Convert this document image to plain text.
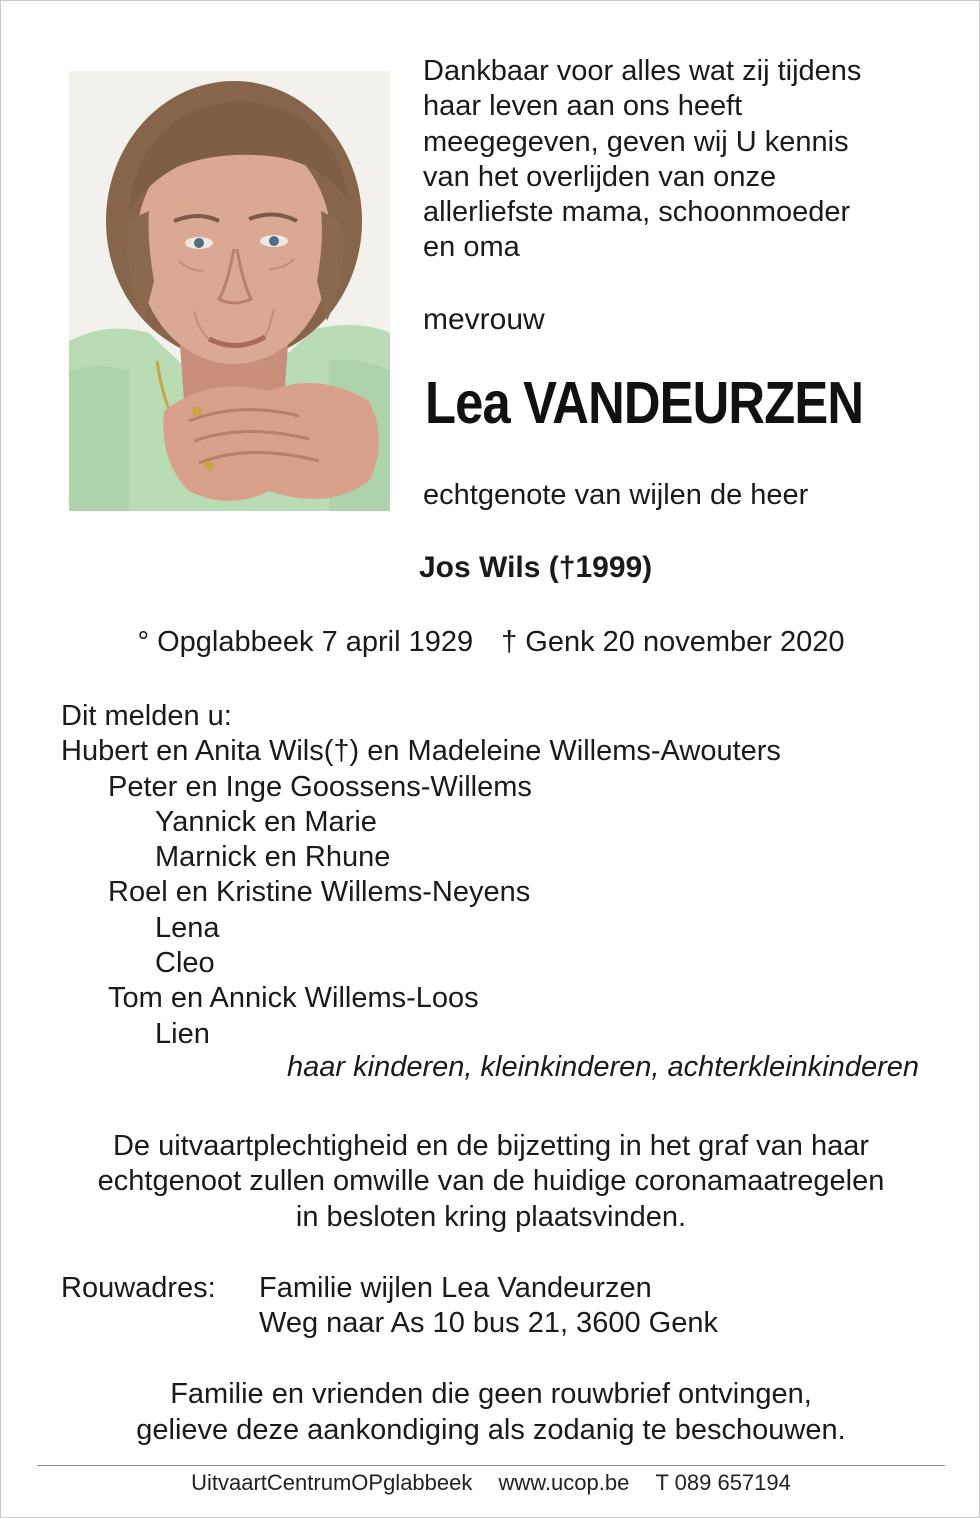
Dankbaar voor alles wat zij tijdens
haar leven aan ons heeft
meegegeven, geven wij U kennis
van het overlijden van onze
allerliefste mama, schoonmoeder
en oma

mevrouw

Lea VANDEURZEN

echtgenote van wijlen de heer

Jos Wils (†1999)

° Opglabbeek 7 april 1929 † Genk 20 november 2020

Dit melden u:
Hubert en Anita Wils(†) en Madeleine Willems-Awouters
Peter en Inge Goossens-Willems
Yannick en Marie
Marnick en Rhune
Roel en Kristine Willems-Neyens
Lena
Cleo
Tom en Annick Willems-Loos
Lien

haar kinderen, kleinkinderen, achterkleinkinderen

De uitvaartplechtigheid en de bijzetting in het graf van haar
echtgenoot zullen omwille van de huidige coronamaatregelen
in besloten kring plaatsvinden.

Rouwadres: Familie wijlen Lea Vandeurzen
Weg naar As 10 bus 21, 3600 Genk

Familie en vrienden die geen rouwbrief ontvingen,
gelieve deze aankondiging als zodanig te beschouwen.

UitvaartCentrumOPglabbeek www.ucop.be T 089 657194
